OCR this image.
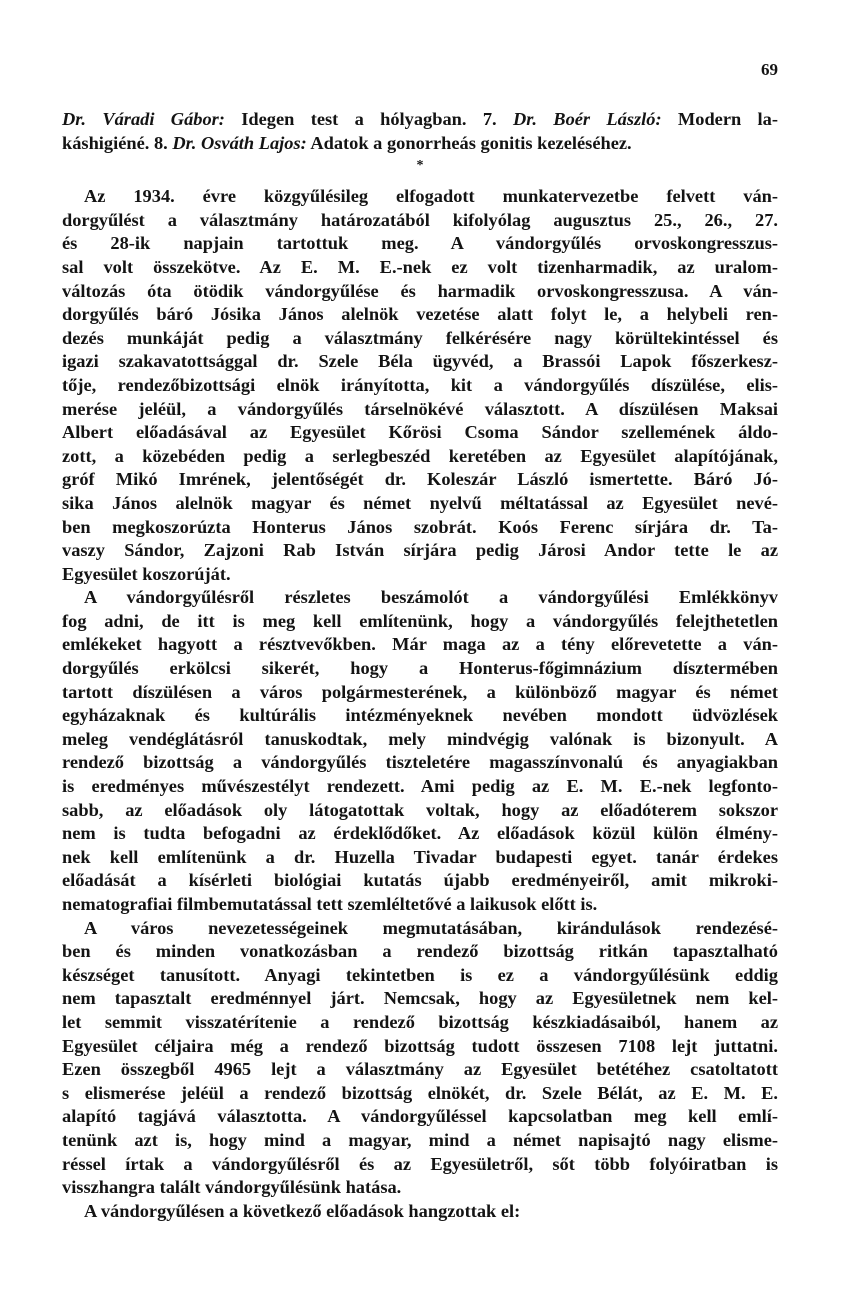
69
Dr. Váradi Gábor: Idegen test a hólyagban. 7. Dr. Boér László: Modern la-
káshigiéné. 8. Dr. Osváth Lajos: Adatok a gonorrheás gonitis kezeléséhez.
*
Az 1934. évre közgyűlésileg elfogadott munkatervezetbe felvett ván-
dorgyűlést a választmány határozatából kifolyólag augusztus 25., 26., 27.
és 28-ik napjain tartottuk meg. A vándorgyűlés orvoskongresszus-
sal volt összekötve. Az E. M. E.-nek ez volt tizenharmadik, az uralom-
változás óta ötödik vándorgyűlése és harmadik orvoskongresszusa. A ván-
dorgyűlés báró Jósika János alelnök vezetése alatt folyt le, a helybeli ren-
dezés munkáját pedig a választmány felkérésére nagy körültekintéssel és
igazi szakavatottsággal dr. Szele Béla ügyvéd, a Brassói Lapok főszerkesz-
tője, rendezőbizottsági elnök irányította, kit a vándorgyűlés díszülése, elis-
merése jeléül, a vándorgyűlés társelnökévé választott. A díszülésen Maksai
Albert előadásával az Egyesület Kőrösi Csoma Sándor szellemének áldo-
zott, a közebéden pedig a serlegbeszéd keretében az Egyesület alapítójának,
gróf Mikó Imrének, jelentőségét dr. Koleszár László ismertette. Báró Jó-
sika János alelnök magyar és német nyelvű méltatással az Egyesület nevé-
ben megkoszorúzta Honterus János szobrát. Koós Ferenc sírjára dr. Ta-
vaszy Sándor, Zajzoni Rab István sírjára pedig Járosi Andor tette le az
Egyesület koszorúját.
A vándorgyűlésről részletes beszámolót a vándorgyűlési Emlékkönyv
fog adni, de itt is meg kell említenünk, hogy a vándorgyűlés felejthetetlen
emlékeket hagyott a résztvevőkben. Már maga az a tény előrevetette a ván-
dorgyűlés erkölcsi sikerét, hogy a Honterus-főgimnázium dísztermében
tartott díszülésen a város polgármesterének, a különböző magyar és német
egyházaknak és kultúrális intézményeknek nevében mondott üdvözlések
meleg vendéglátásról tanuskodtak, mely mindvégig valónak is bizonyult. A
rendező bizottság a vándorgyűlés tiszteletére magasszínvonalú és anyagiakban
is eredményes művészestélyt rendezett. Ami pedig az E. M. E.-nek legfonto-
sabb, az előadások oly látogatottak voltak, hogy az előadóterem sokszor
nem is tudta befogadni az érdeklődőket. Az előadások közül külön élmény-
nek kell említenünk a dr. Huzella Tivadar budapesti egyet. tanár érdekes
előadását a kísérleti biológiai kutatás újabb eredményeiről, amit mikroki-
nematografiai filmbemutatással tett szemléltetővé a laikusok előtt is.
A város nevezetességeinek megmutatásában, kirándulások rendezésé-
ben és minden vonatkozásban a rendező bizottság ritkán tapasztalható
készséget tanusított. Anyagi tekintetben is ez a vándorgyűlésünk eddig
nem tapasztalt eredménnyel járt. Nemcsak, hogy az Egyesületnek nem kel-
let semmit visszatérítenie a rendező bizottság készkiadásaiból, hanem az
Egyesület céljaira még a rendező bizottság tudott összesen 7108 lejt juttatni.
Ezen összegből 4965 lejt a választmány az Egyesület betétéhez csatoltatott
s elismerése jeléül a rendező bizottság elnökét, dr. Szele Bélát, az E. M. E.
alapító tagjává választotta. A vándorgyűléssel kapcsolatban meg kell emlí-
tenünk azt is, hogy mind a magyar, mind a német napisajtó nagy elisme-
réssel írtak a vándorgyűlésről és az Egyesületről, sőt több folyóiratban is
visszhangra talált vándorgyűlésünk hatása.
A vándorgyűlésen a következő előadások hangzottak el:
